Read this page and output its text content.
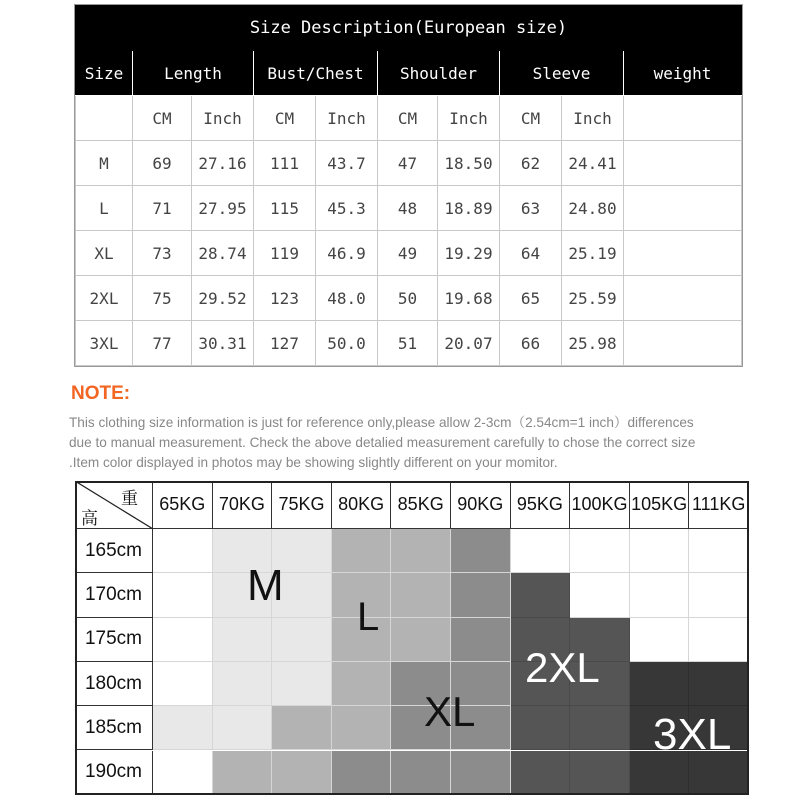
Size Description(European size)									
Size	Length		Bust/Chest		Shoulder		Sleeve		weight
	CM	Inch	CM	Inch	CM	Inch	CM	Inch	
M	69	27.16	111	43.7	47	18.50	62	24.41	
L	71	27.95	115	45.3	48	18.89	63	24.80	
XL	73	28.74	119	46.9	49	19.29	64	25.19	
2XL	75	29.52	123	48.0	50	19.68	65	25.59	
3XL	77	30.31	127	50.0	51	20.07	66	25.98	
NOTE:
This clothing size information is just for reference only,please allow 2-3cm（2.54cm=1 inch）differences
due to manual measurement. Check the above detalied measurement carefully to chose the correct size
.Item color displayed in photos may be showing slightly different on your momitor.
重
高
65KG 70KG 75KG 80KG 85KG 90KG 95KG 100KG 105KG 111KG
165cm
170cm
175cm
180cm
185cm
190cm
M
L
XL
2XL
3XL
